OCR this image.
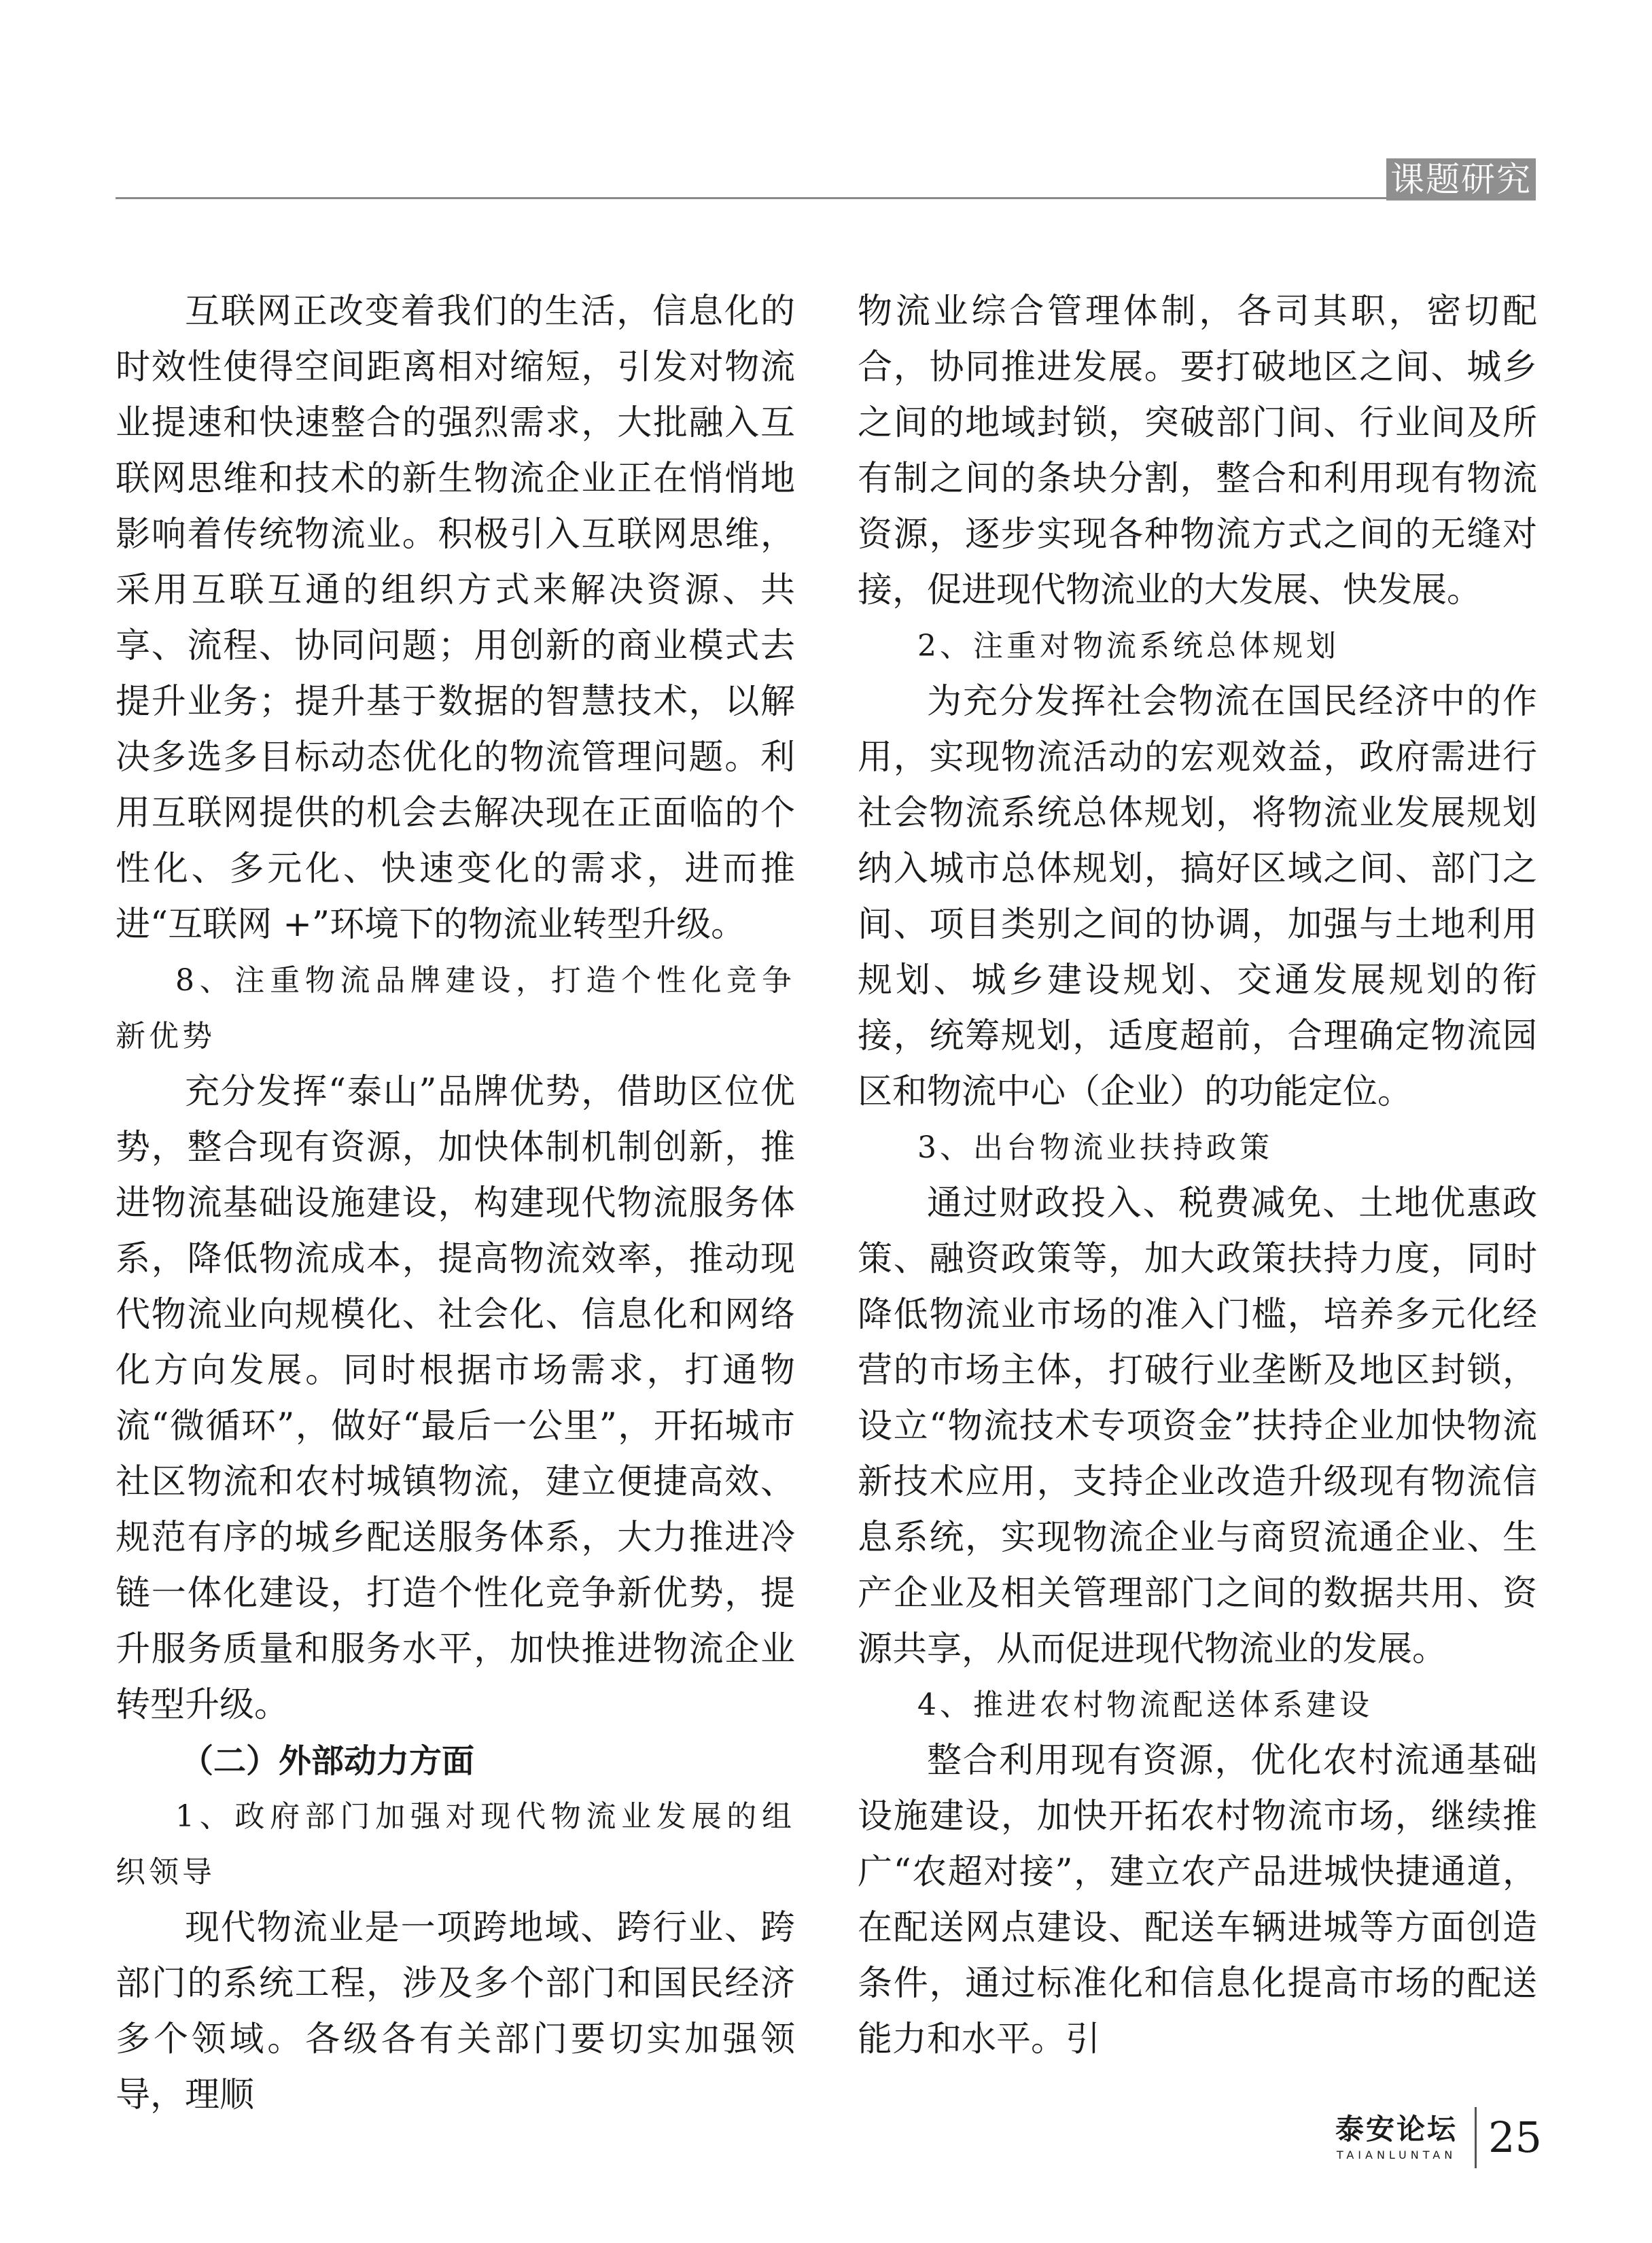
课题研究

互联网正改变着我们的生活，信息化的时效性使得空间距离相对缩短，引发对物流业提速和快速整合的强烈需求，大批融入互联网思维和技术的新生物流企业正在悄悄地影响着传统物流业。积极引入互联网思维，采用互联互通的组织方式来解决资源、共享、流程、协同问题；用创新的商业模式去提升业务；提升基于数据的智慧技术，以解决多选多目标动态优化的物流管理问题。利用互联网提供的机会去解决现在正面临的个性化、多元化、快速变化的需求，进而推进“互联网 +”环境下的物流业转型升级。

8、注重物流品牌建设，打造个性化竞争新优势

充分发挥“泰山”品牌优势，借助区位优势，整合现有资源，加快体制机制创新，推进物流基础设施建设，构建现代物流服务体系，降低物流成本，提高物流效率，推动现代物流业向规模化、社会化、信息化和网络化方向发展。同时根据市场需求，打通物流“微循环”，做好“最后一公里”，开拓城市社区物流和农村城镇物流，建立便捷高效、规范有序的城乡配送服务体系，大力推进冷链一体化建设，打造个性化竞争新优势，提升服务质量和服务水平，加快推进物流企业转型升级。

（二）外部动力方面

1、政府部门加强对现代物流业发展的组织领导

现代物流业是一项跨地域、跨行业、跨部门的系统工程，涉及多个部门和国民经济多个领域。各级各有关部门要切实加强领导，理顺

物流业综合管理体制，各司其职，密切配合，协同推进发展。要打破地区之间、城乡之间的地域封锁，突破部门间、行业间及所有制之间的条块分割，整合和利用现有物流资源，逐步实现各种物流方式之间的无缝对接，促进现代物流业的大发展、快发展。

2、注重对物流系统总体规划

为充分发挥社会物流在国民经济中的作用，实现物流活动的宏观效益，政府需进行社会物流系统总体规划，将物流业发展规划纳入城市总体规划，搞好区域之间、部门之间、项目类别之间的协调，加强与土地利用规划、城乡建设规划、交通发展规划的衔接，统筹规划，适度超前，合理确定物流园区和物流中心（企业）的功能定位。

3、出台物流业扶持政策

通过财政投入、税费减免、土地优惠政策、融资政策等，加大政策扶持力度，同时降低物流业市场的准入门槛，培养多元化经营的市场主体，打破行业垄断及地区封锁，设立“物流技术专项资金”扶持企业加快物流新技术应用，支持企业改造升级现有物流信息系统，实现物流企业与商贸流通企业、生产企业及相关管理部门之间的数据共用、资源共享，从而促进现代物流业的发展。

4、推进农村物流配送体系建设

整合利用现有资源，优化农村流通基础设施建设，加快开拓农村物流市场，继续推广“农超对接”，建立农产品进城快捷通道，在配送网点建设、配送车辆进城等方面创造条件，通过标准化和信息化提高市场的配送能力和水平。引

泰安论坛
TAIANLUNTAN 25
